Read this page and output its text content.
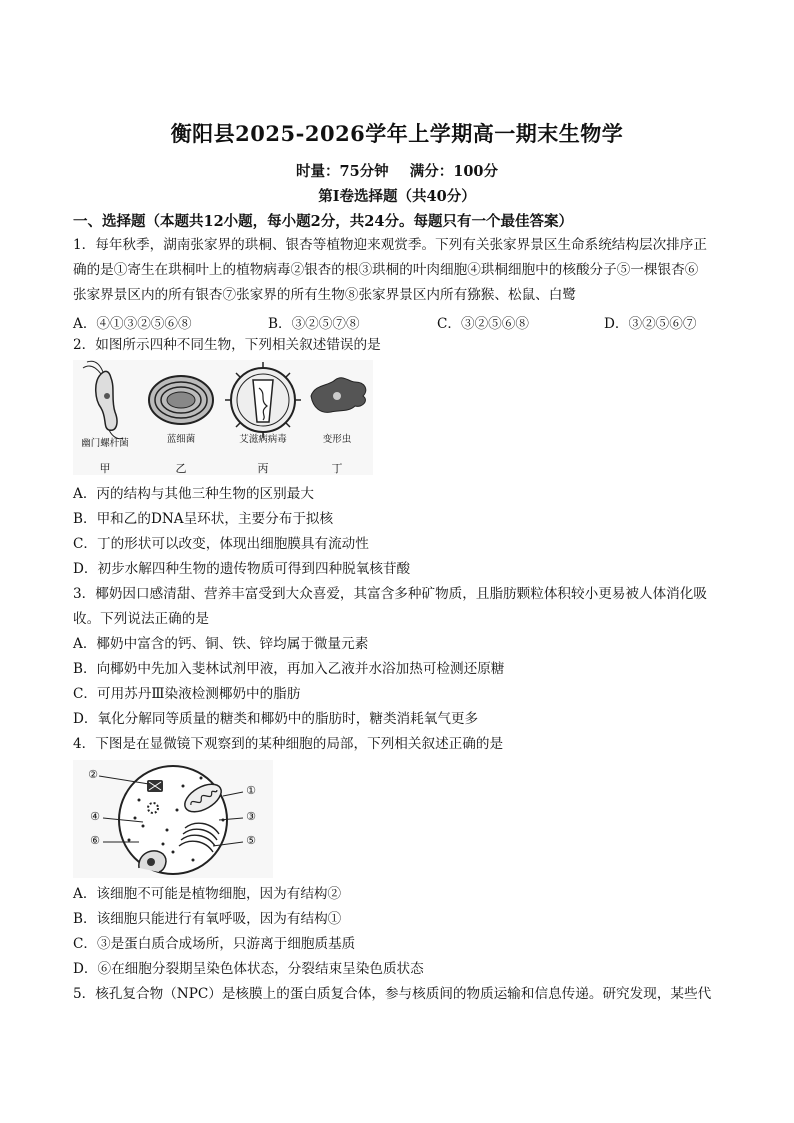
衡阳县2025-2026学年上学期高一期末生物学
时量：75分钟 满分：100分
第I卷选择题（共40分）
一、选择题（本题共12小题，每小题2分，共24分。每题只有一个最佳答案）
1．每年秋季，湖南张家界的珙桐、银杏等植物迎来观赏季。下列有关张家界景区生命系统结构层次排序正
确的是①寄生在珙桐叶上的植物病毒②银杏的根③珙桐的叶肉细胞④珙桐细胞中的核酸分子⑤一棵银杏⑥
张家界景区内的所有银杏⑦张家界的所有生物⑧张家界景区内所有猕猴、松鼠、白鹭
A．④①③②⑤⑥⑧	B．③②⑤⑦⑧	C．③②⑤⑥⑧	D．③②⑤⑥⑦
2．如图所示四种不同生物，下列相关叙述错误的是
幽门螺杆菌	蓝细菌	艾滋病病毒	变形虫
甲	乙	丙	丁
A．丙的结构与其他三种生物的区别最大
B．甲和乙的DNA呈环状，主要分布于拟核
C．丁的形状可以改变，体现出细胞膜具有流动性
D．初步水解四种生物的遗传物质可得到四种脱氧核苷酸
3．椰奶因口感清甜、营养丰富受到大众喜爱，其富含多种矿物质，且脂肪颗粒体积较小更易被人体消化吸
收。下列说法正确的是
A．椰奶中富含的钙、铜、铁、锌均属于微量元素
B．向椰奶中先加入斐林试剂甲液，再加入乙液并水浴加热可检测还原糖
C．可用苏丹Ⅲ染液检测椰奶中的脂肪
D．氧化分解同等质量的糖类和椰奶中的脂肪时，糖类消耗氧气更多
4．下图是在显微镜下观察到的某种细胞的局部，下列相关叙述正确的是
①
②
③
④
⑤
⑥
A．该细胞不可能是植物细胞，因为有结构②
B．该细胞只能进行有氧呼吸，因为有结构①
C．③是蛋白质合成场所，只游离于细胞质基质
D．⑥在细胞分裂期呈染色体状态，分裂结束呈染色质状态
5．核孔复合物（NPC）是核膜上的蛋白质复合体，参与核质间的物质运输和信息传递。研究发现，某些代
